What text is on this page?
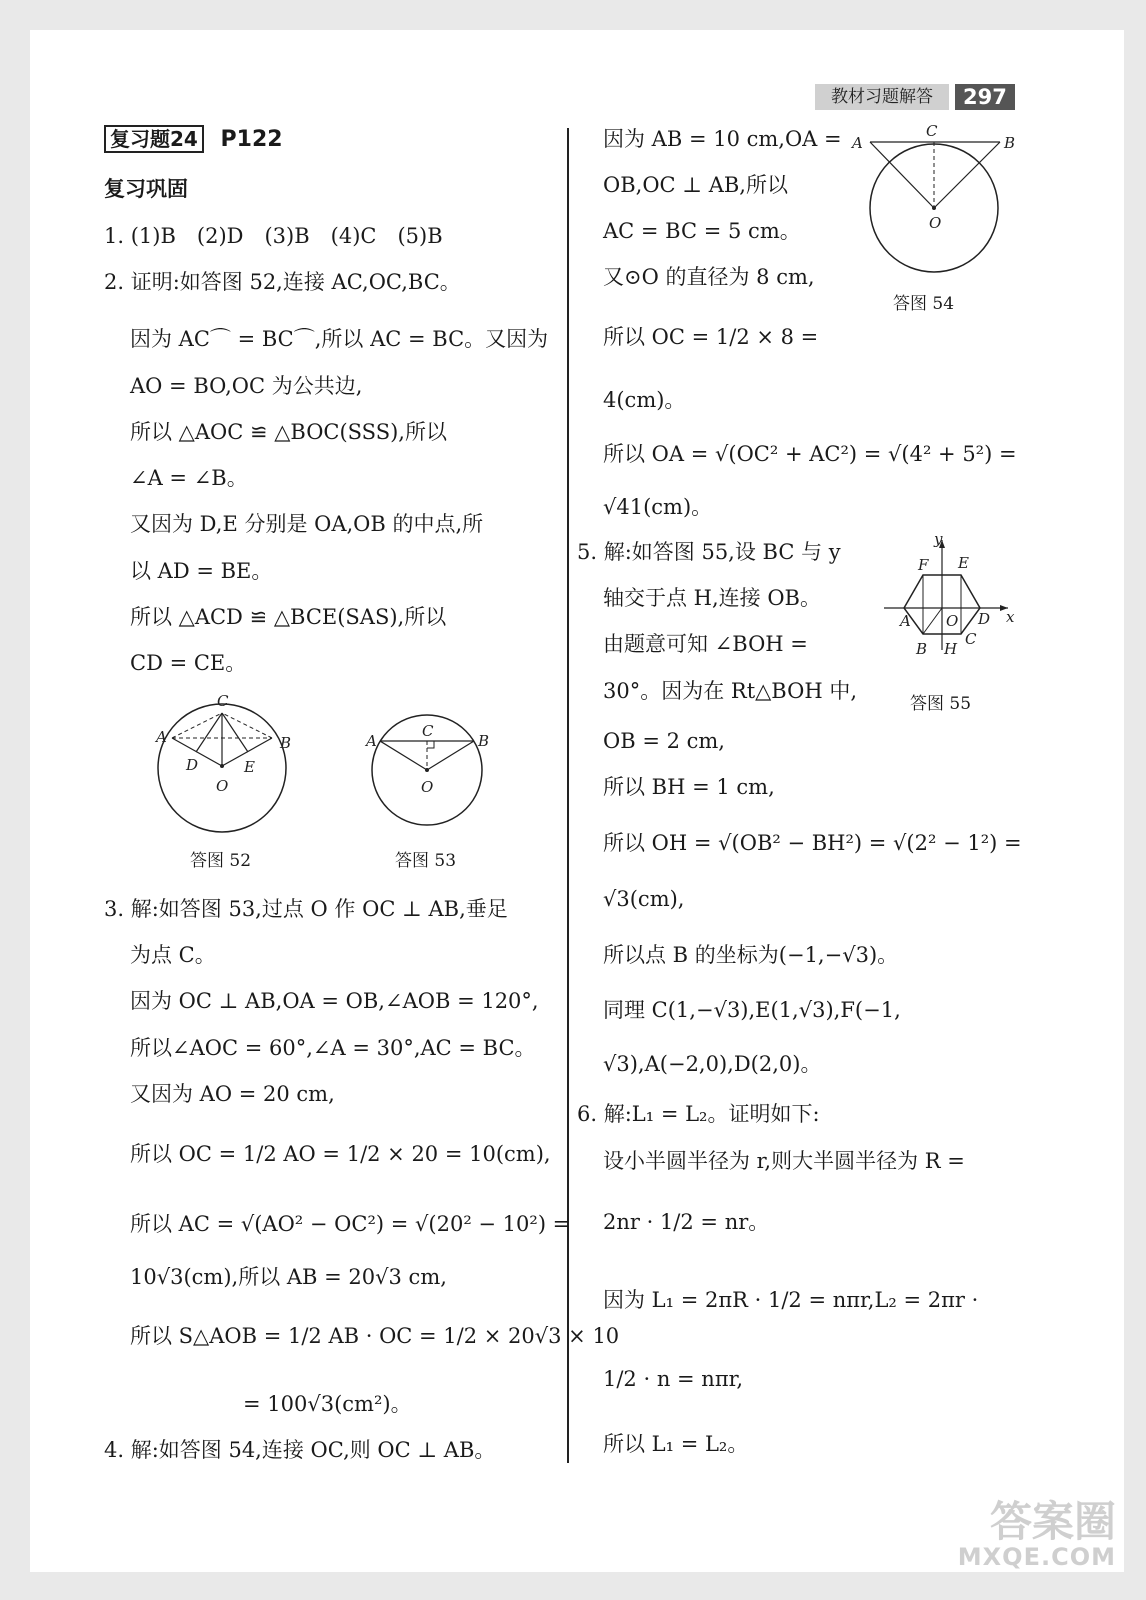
教材习题解答	297
复习题24 P122
复习巩固
1. (1)B　(2)D　(3)B　(4)C　(5)B
2. 证明:如答图 52,连接 AC,OC,BC。
因为 AC⌒ = BC⌒,所以 AC = BC。又因为
AO = BO,OC 为公共边,
所以 △AOC ≌ △BOC(SSS),所以
∠A = ∠B。
又因为 D,E 分别是 OA,OB 的中点,所
以 AD = BE。
所以 △ACD ≌ △BCE(SAS),所以
CD = CE。
C
A	B
D	E
O
答图 52
C
A	B
O
答图 53
3. 解:如答图 53,过点 O 作 OC ⊥ AB,垂足
为点 C。
因为 OC ⊥ AB,OA = OB,∠AOB = 120°,
所以∠AOC = 60°,∠A = 30°,AC = BC。
又因为 AO = 20 cm,
所以 OC = 1/2 AO = 1/2 × 20 = 10(cm),
所以 AC = √(AO² − OC²) = √(20² − 10²) =
10√3(cm),所以 AB = 20√3 cm,
所以 S△AOB = 1/2 AB · OC = 1/2 × 20√3 × 10
= 100√3(cm²)。
4. 解:如答图 54,连接 OC,则 OC ⊥ AB。
因为 AB = 10 cm,OA =
OB,OC ⊥ AB,所以
AC = BC = 5 cm。
又⊙O 的直径为 8 cm,
C
A	B
O
答图 54
所以 OC = 1/2 × 8 =
4(cm)。
所以 OA = √(OC² + AC²) = √(4² + 5²) =
√41(cm)。
5. 解:如答图 55,设 BC 与 y
y
F E
A O D x
B H
C
答图 55
轴交于点 H,连接 OB。
由题意可知 ∠BOH =
30°。因为在 Rt△BOH 中,
OB = 2 cm,
所以 BH = 1 cm,
所以 OH = √(OB² − BH²) = √(2² − 1²) =
√3(cm),
所以点 B 的坐标为(−1,−√3)。
同理 C(1,−√3),E(1,√3),F(−1,
√3),A(−2,0),D(2,0)。
6. 解:L₁ = L₂。证明如下:
设小半圆半径为 r,则大半圆半径为 R =
2nr · 1/2 = nr。
因为 L₁ = 2πR · 1/2 = nπr,L₂ = 2πr ·
1/2 · n = nπr,
所以 L₁ = L₂。
答案圈
MXQE.COM
